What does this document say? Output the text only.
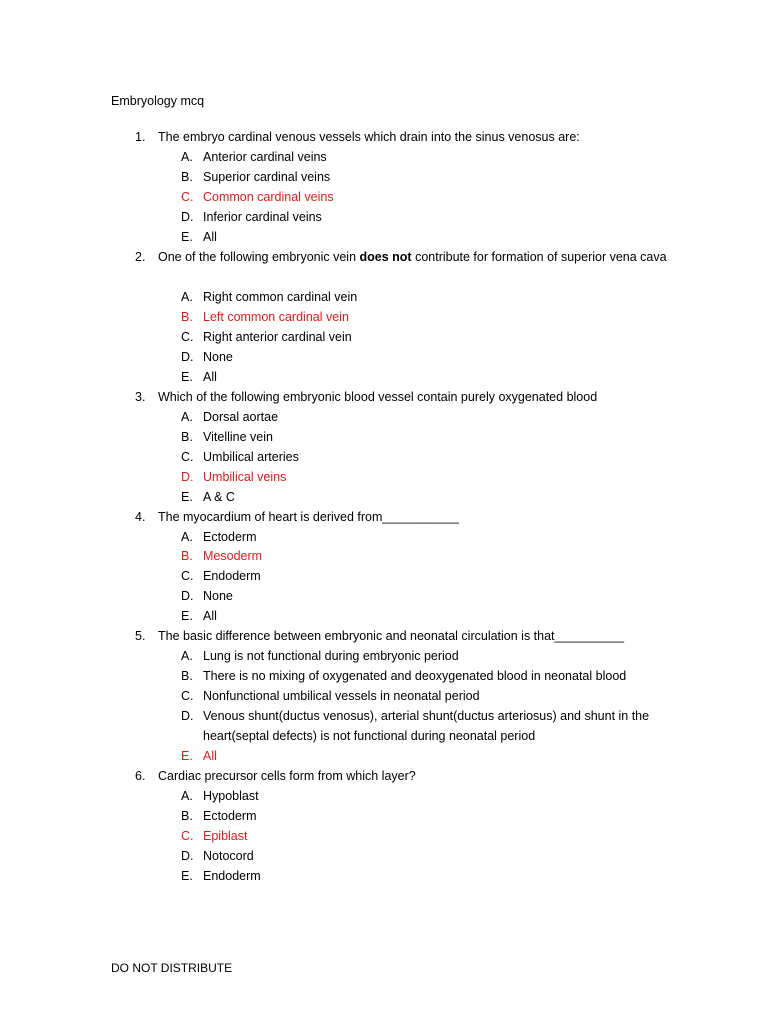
Embryology mcq
1.	The embryo cardinal venous vessels which drain into the sinus venosus are:
A. Anterior cardinal veins
B. Superior cardinal veins
C. Common cardinal veins
D. Inferior cardinal veins
E. All
2.	One of the following embryonic vein does not contribute for formation of superior vena cava
A. Right common cardinal vein
B. Left common cardinal vein
C. Right anterior cardinal vein
D. None
E. All
3.	Which of the following embryonic blood vessel contain purely oxygenated blood
A. Dorsal aortae
B. Vitelline vein
C. Umbilical arteries
D. Umbilical veins
E. A & C
4.	The myocardium of heart is derived from___________
A. Ectoderm
B. Mesoderm
C. Endoderm
D. None
E. All
5.	The basic difference between embryonic and neonatal circulation is that__________
A. Lung is not functional during embryonic period
B. There is no mixing of oxygenated and deoxygenated blood in neonatal blood
C. Nonfunctional umbilical vessels in neonatal period
D. Venous shunt(ductus venosus), arterial shunt(ductus arteriosus) and shunt in the heart(septal defects) is not functional during neonatal period
E. All
6.	Cardiac precursor cells form from which layer?
A. Hypoblast
B. Ectoderm
C. Epiblast
D. Notocord
E. Endoderm
DO NOT DISTRIBUTE
